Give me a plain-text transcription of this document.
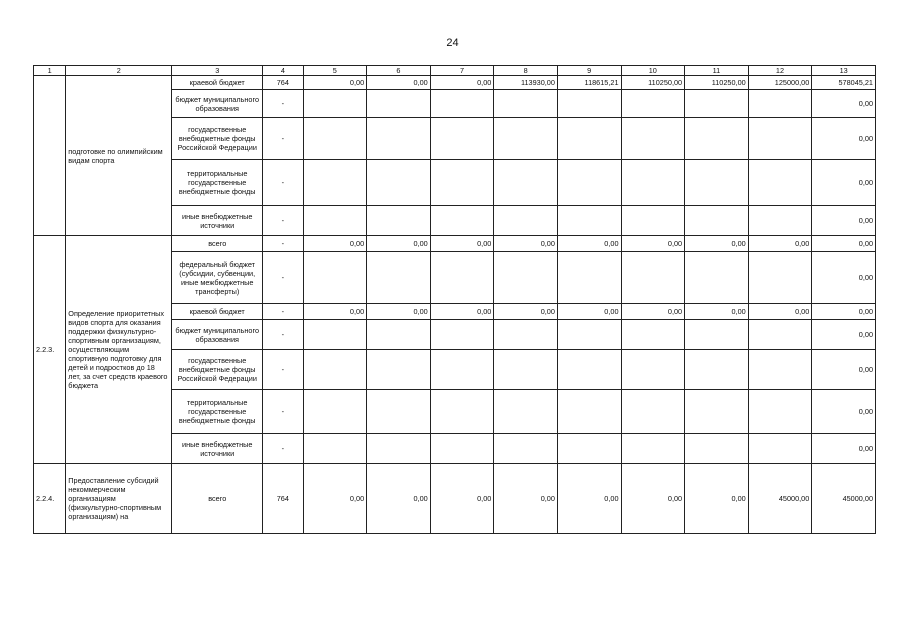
24
1	2	3	4	5	6	7	8	9	10	11	12	13
	подготовке по олимпийским видам спорта	краевой бюджет	764	0,00	0,00	0,00	113930,00	118615,21	110250,00	110250,00	125000,00	578045,21
		бюджет муниципального образования	-									0,00
		государственные внебюджетные фонды Российской Федерации	-									0,00
		территориальные государственные внебюджетные фонды	-									0,00
		иные внебюджетные источники	-									0,00
2.2.3.	Определение приоритетных видов спорта для оказания поддержки физкультурно-спортивным организациям, осуществляющим спортивную подготовку для детей и подростков до 18 лет, за счет средств краевого бюджета	всего	-	0,00	0,00	0,00	0,00	0,00	0,00	0,00	0,00	0,00
		федеральный бюджет (субсидии, субвенции, иные межбюджетные трансферты)	-									0,00
		краевой бюджет	-	0,00	0,00	0,00	0,00	0,00	0,00	0,00	0,00	0,00
		бюджет муниципального образования	-									0,00
		государственные внебюджетные фонды Российской Федерации	-									0,00
		территориальные государственные внебюджетные фонды	-									0,00
		иные внебюджетные источники	-									0,00
2.2.4.	Предоставление субсидий некоммерческим организациям (физкультурно-спортивным организациям) на	всего	764	0,00	0,00	0,00	0,00	0,00	0,00	0,00	45000,00	45000,00
